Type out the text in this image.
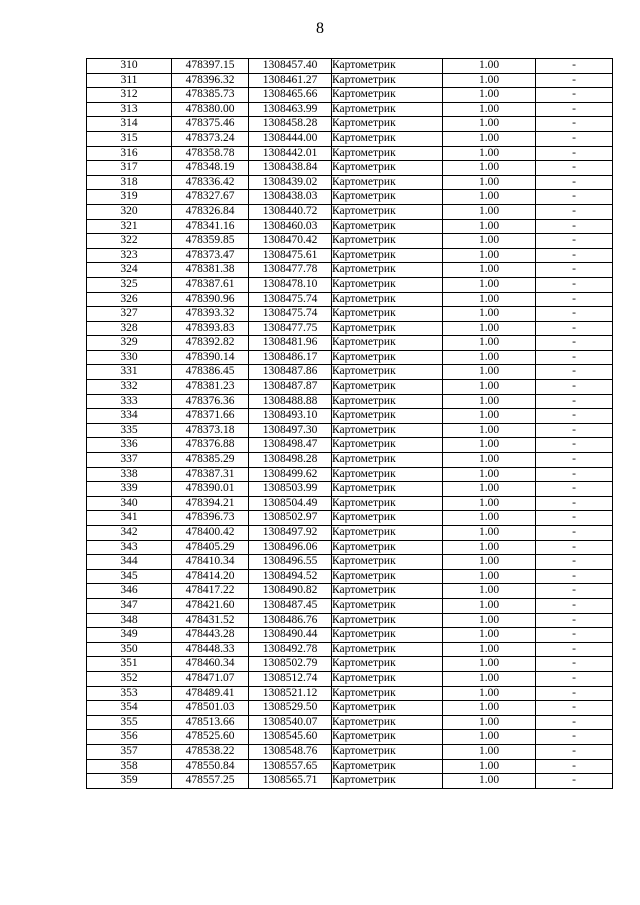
8
310	478397.15	1308457.40	Картометрик	1.00	-
311	478396.32	1308461.27	Картометрик	1.00	-
312	478385.73	1308465.66	Картометрик	1.00	-
313	478380.00	1308463.99	Картометрик	1.00	-
314	478375.46	1308458.28	Картометрик	1.00	-
315	478373.24	1308444.00	Картометрик	1.00	-
316	478358.78	1308442.01	Картометрик	1.00	-
317	478348.19	1308438.84	Картометрик	1.00	-
318	478336.42	1308439.02	Картометрик	1.00	-
319	478327.67	1308438.03	Картометрик	1.00	-
320	478326.84	1308440.72	Картометрик	1.00	-
321	478341.16	1308460.03	Картометрик	1.00	-
322	478359.85	1308470.42	Картометрик	1.00	-
323	478373.47	1308475.61	Картометрик	1.00	-
324	478381.38	1308477.78	Картометрик	1.00	-
325	478387.61	1308478.10	Картометрик	1.00	-
326	478390.96	1308475.74	Картометрик	1.00	-
327	478393.32	1308475.74	Картометрик	1.00	-
328	478393.83	1308477.75	Картометрик	1.00	-
329	478392.82	1308481.96	Картометрик	1.00	-
330	478390.14	1308486.17	Картометрик	1.00	-
331	478386.45	1308487.86	Картометрик	1.00	-
332	478381.23	1308487.87	Картометрик	1.00	-
333	478376.36	1308488.88	Картометрик	1.00	-
334	478371.66	1308493.10	Картометрик	1.00	-
335	478373.18	1308497.30	Картометрик	1.00	-
336	478376.88	1308498.47	Картометрик	1.00	-
337	478385.29	1308498.28	Картометрик	1.00	-
338	478387.31	1308499.62	Картометрик	1.00	-
339	478390.01	1308503.99	Картометрик	1.00	-
340	478394.21	1308504.49	Картометрик	1.00	-
341	478396.73	1308502.97	Картометрик	1.00	-
342	478400.42	1308497.92	Картометрик	1.00	-
343	478405.29	1308496.06	Картометрик	1.00	-
344	478410.34	1308496.55	Картометрик	1.00	-
345	478414.20	1308494.52	Картометрик	1.00	-
346	478417.22	1308490.82	Картометрик	1.00	-
347	478421.60	1308487.45	Картометрик	1.00	-
348	478431.52	1308486.76	Картометрик	1.00	-
349	478443.28	1308490.44	Картометрик	1.00	-
350	478448.33	1308492.78	Картометрик	1.00	-
351	478460.34	1308502.79	Картометрик	1.00	-
352	478471.07	1308512.74	Картометрик	1.00	-
353	478489.41	1308521.12	Картометрик	1.00	-
354	478501.03	1308529.50	Картометрик	1.00	-
355	478513.66	1308540.07	Картометрик	1.00	-
356	478525.60	1308545.60	Картометрик	1.00	-
357	478538.22	1308548.76	Картометрик	1.00	-
358	478550.84	1308557.65	Картометрик	1.00	-
359	478557.25	1308565.71	Картометрик	1.00	-
